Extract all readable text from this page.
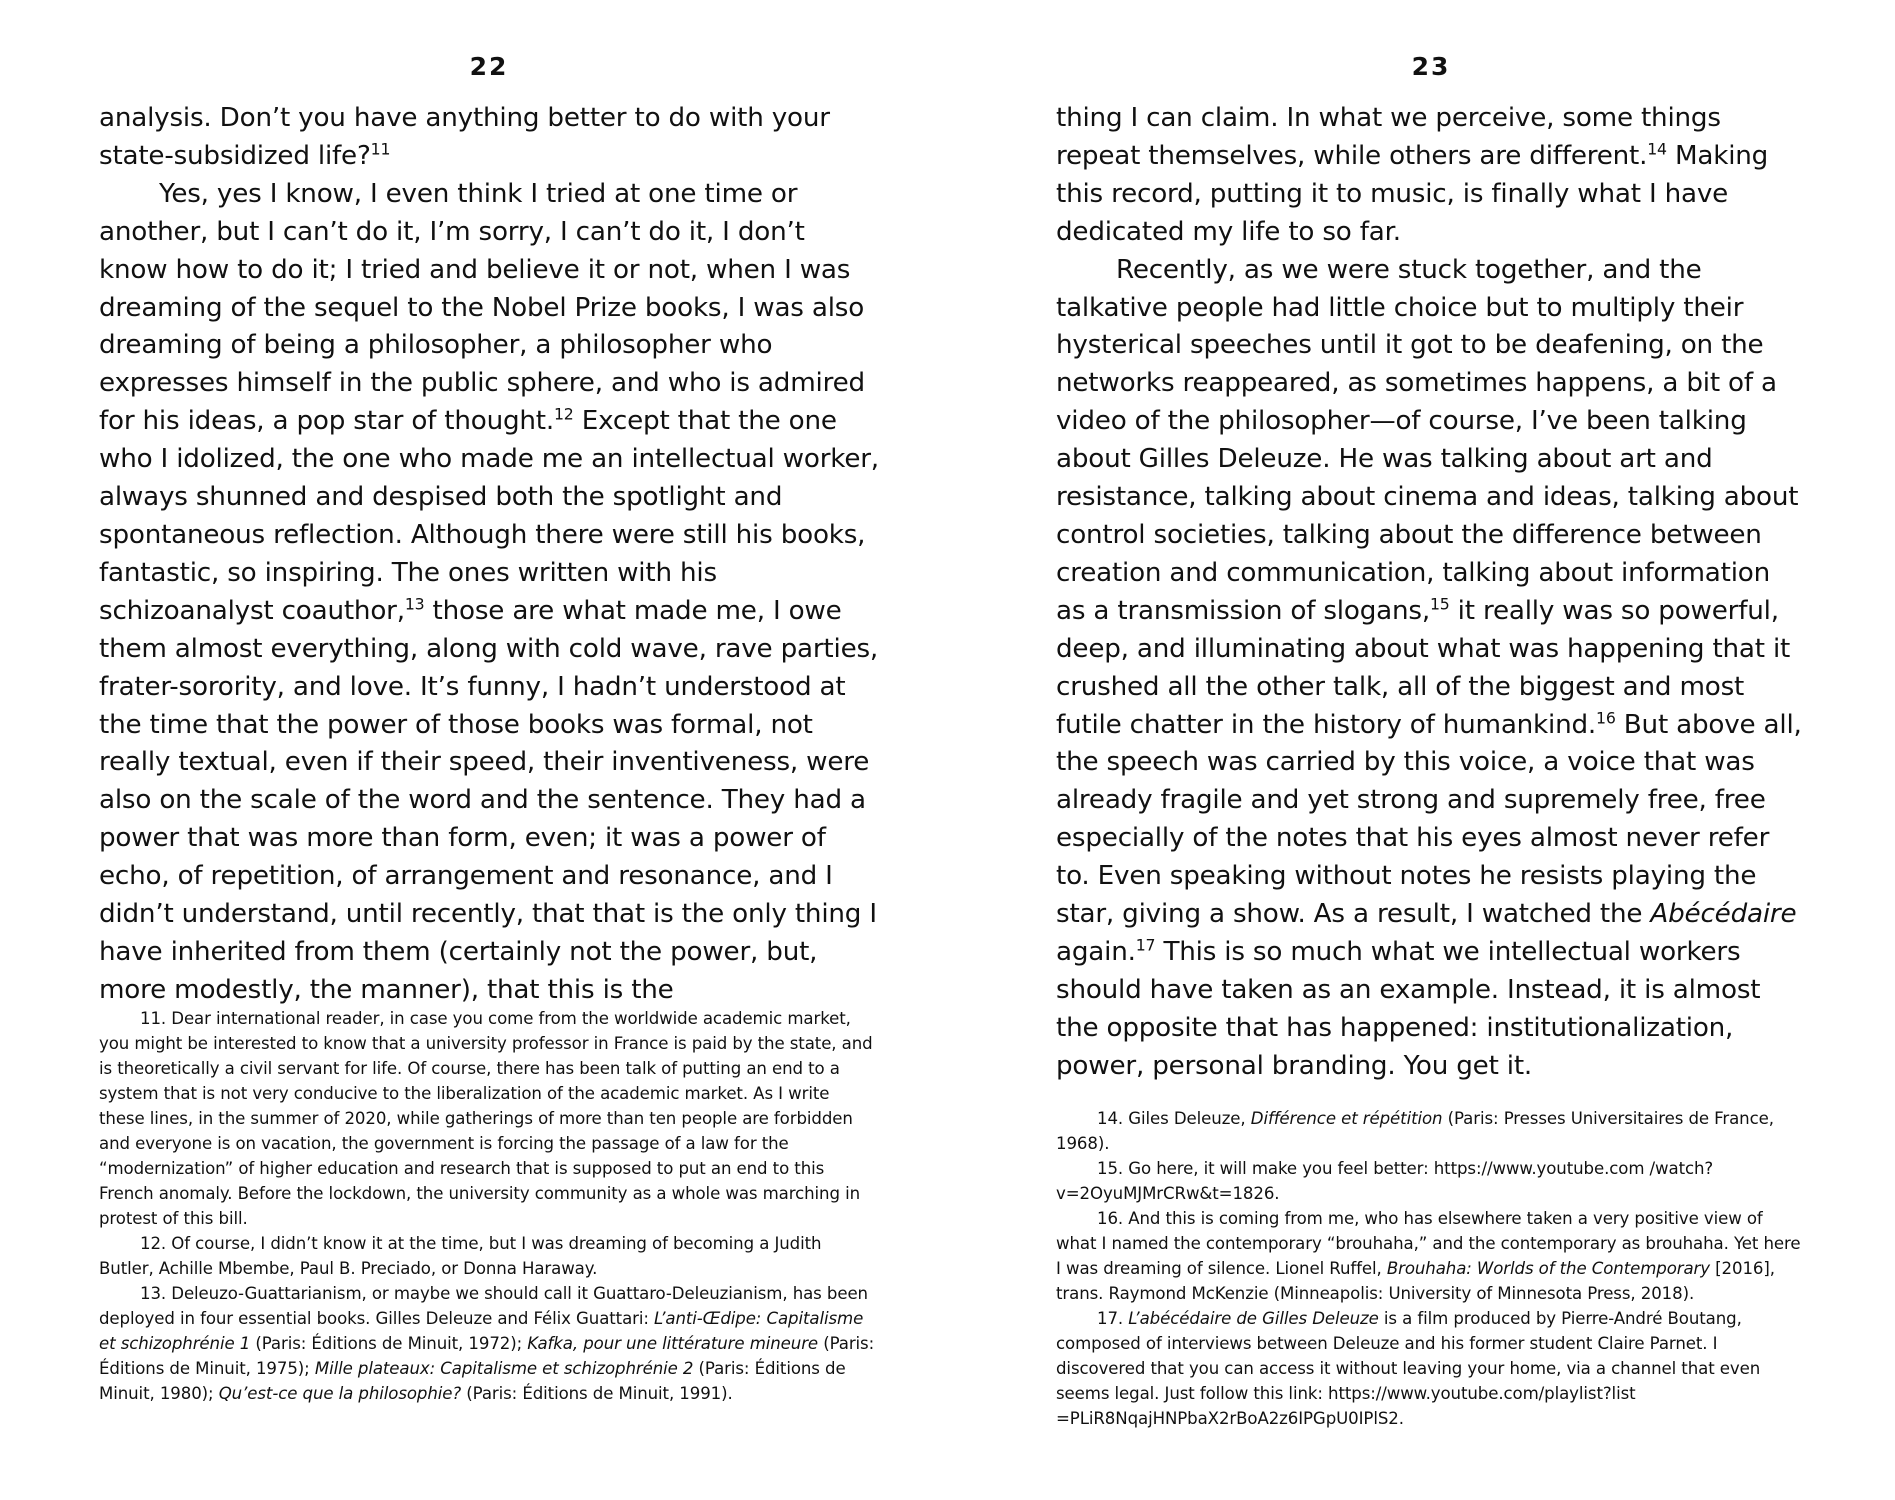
22

analysis. Don’t you have anything better to do with your state-subsidized life?$^{11}$

Yes, yes I know, I even think I tried at one time or another, but I can’t do it, I’m sorry, I can’t do it, I don’t know how to do it; I tried and believe it or not, when I was dreaming of the sequel to the Nobel Prize books, I was also dreaming of being a philosopher, a philosopher who expresses himself in the public sphere, and who is admired for his ideas, a pop star of thought.$^{12}$ Except that the one who I idolized, the one who made me an intellectual worker, always shunned and despised both the spotlight and spontaneous reflection. Although there were still his books, fantastic, so inspiring. The ones written with his schizoanalyst coauthor,$^{13}$ those are what made me, I owe them almost everything, along with cold wave, rave parties, frater-sorority, and love. It’s funny, I hadn’t understood at the time that the power of those books was formal, not really textual, even if their speed, their inventiveness, were also on the scale of the word and the sentence. They had a power that was more than form, even; it was a power of echo, of repetition, of arrangement and resonance, and I didn’t understand, until recently, that that is the only thing I have inherited from them (certainly not the power, but, more modestly, the manner), that this is the

11. Dear international reader, in case you come from the worldwide academic market, you might be interested to know that a university professor in France is paid by the state, and is theoretically a civil servant for life. Of course, there has been talk of putting an end to a system that is not very conducive to the liberalization of the academic market. As I write these lines, in the summer of 2020, while gatherings of more than ten people are forbidden and everyone is on vacation, the government is forcing the passage of a law for the “modernization” of higher education and research that is supposed to put an end to this French anomaly. Before the lockdown, the university community as a whole was marching in protest of this bill.

12. Of course, I didn’t know it at the time, but I was dreaming of becoming a Judith Butler, Achille Mbembe, Paul B. Preciado, or Donna Haraway.

13. Deleuzo-Guattarianism, or maybe we should call it Guattaro-Deleuzianism, has been deployed in four essential books. Gilles Deleuze and Félix Guattari: L’anti-Œdipe: Capitalisme et schizophrénie 1 (Paris: Éditions de Minuit, 1972); Kafka, pour une littérature mineure (Paris: Éditions de Minuit, 1975); Mille plateaux: Capitalisme et schizophrénie 2 (Paris: Éditions de Minuit, 1980); Qu’est-ce que la philosophie? (Paris: Éditions de Minuit, 1991).

23

thing I can claim. In what we perceive, some things repeat themselves, while others are different.$^{14}$ Making this record, putting it to music, is finally what I have dedicated my life to so far.

Recently, as we were stuck together, and the talkative people had little choice but to multiply their hysterical speeches until it got to be deafening, on the networks reappeared, as sometimes happens, a bit of a video of the philosopher—of course, I’ve been talking about Gilles Deleuze. He was talking about art and resistance, talking about cinema and ideas, talking about control societies, talking about the difference between creation and communication, talking about information as a transmission of slogans,$^{15}$ it really was so powerful, deep, and illuminating about what was happening that it crushed all the other talk, all of the biggest and most futile chatter in the history of humankind.$^{16}$ But above all, the speech was carried by this voice, a voice that was already fragile and yet strong and supremely free, free especially of the notes that his eyes almost never refer to. Even speaking without notes he resists playing the star, giving a show. As a result, I watched the Abécédaire again.$^{17}$ This is so much what we intellectual workers should have taken as an example. Instead, it is almost the opposite that has happened: institutionalization, power, personal branding. You get it.

14. Giles Deleuze, Différence et répétition (Paris: Presses Universitaires de France, 1968).

15. Go here, it will make you feel better: https://www.youtube.com /watch?v=2OyuMJMrCRw&t=1826.

16. And this is coming from me, who has elsewhere taken a very positive view of what I named the contemporary “brouhaha,” and the contemporary as brouhaha. Yet here I was dreaming of silence. Lionel Ruffel, Brouhaha: Worlds of the Contemporary [2016], trans. Raymond McKenzie (Minneapolis: University of Minnesota Press, 2018).

17. L’abécédaire de Gilles Deleuze is a film produced by Pierre-André Boutang, composed of interviews between Deleuze and his former student Claire Parnet. I discovered that you can access it without leaving your home, via a channel that even seems legal. Just follow this link: https://www.youtube.com/playlist?list =PLiR8NqajHNPbaX2rBoA2z6IPGpU0IPlS2.
